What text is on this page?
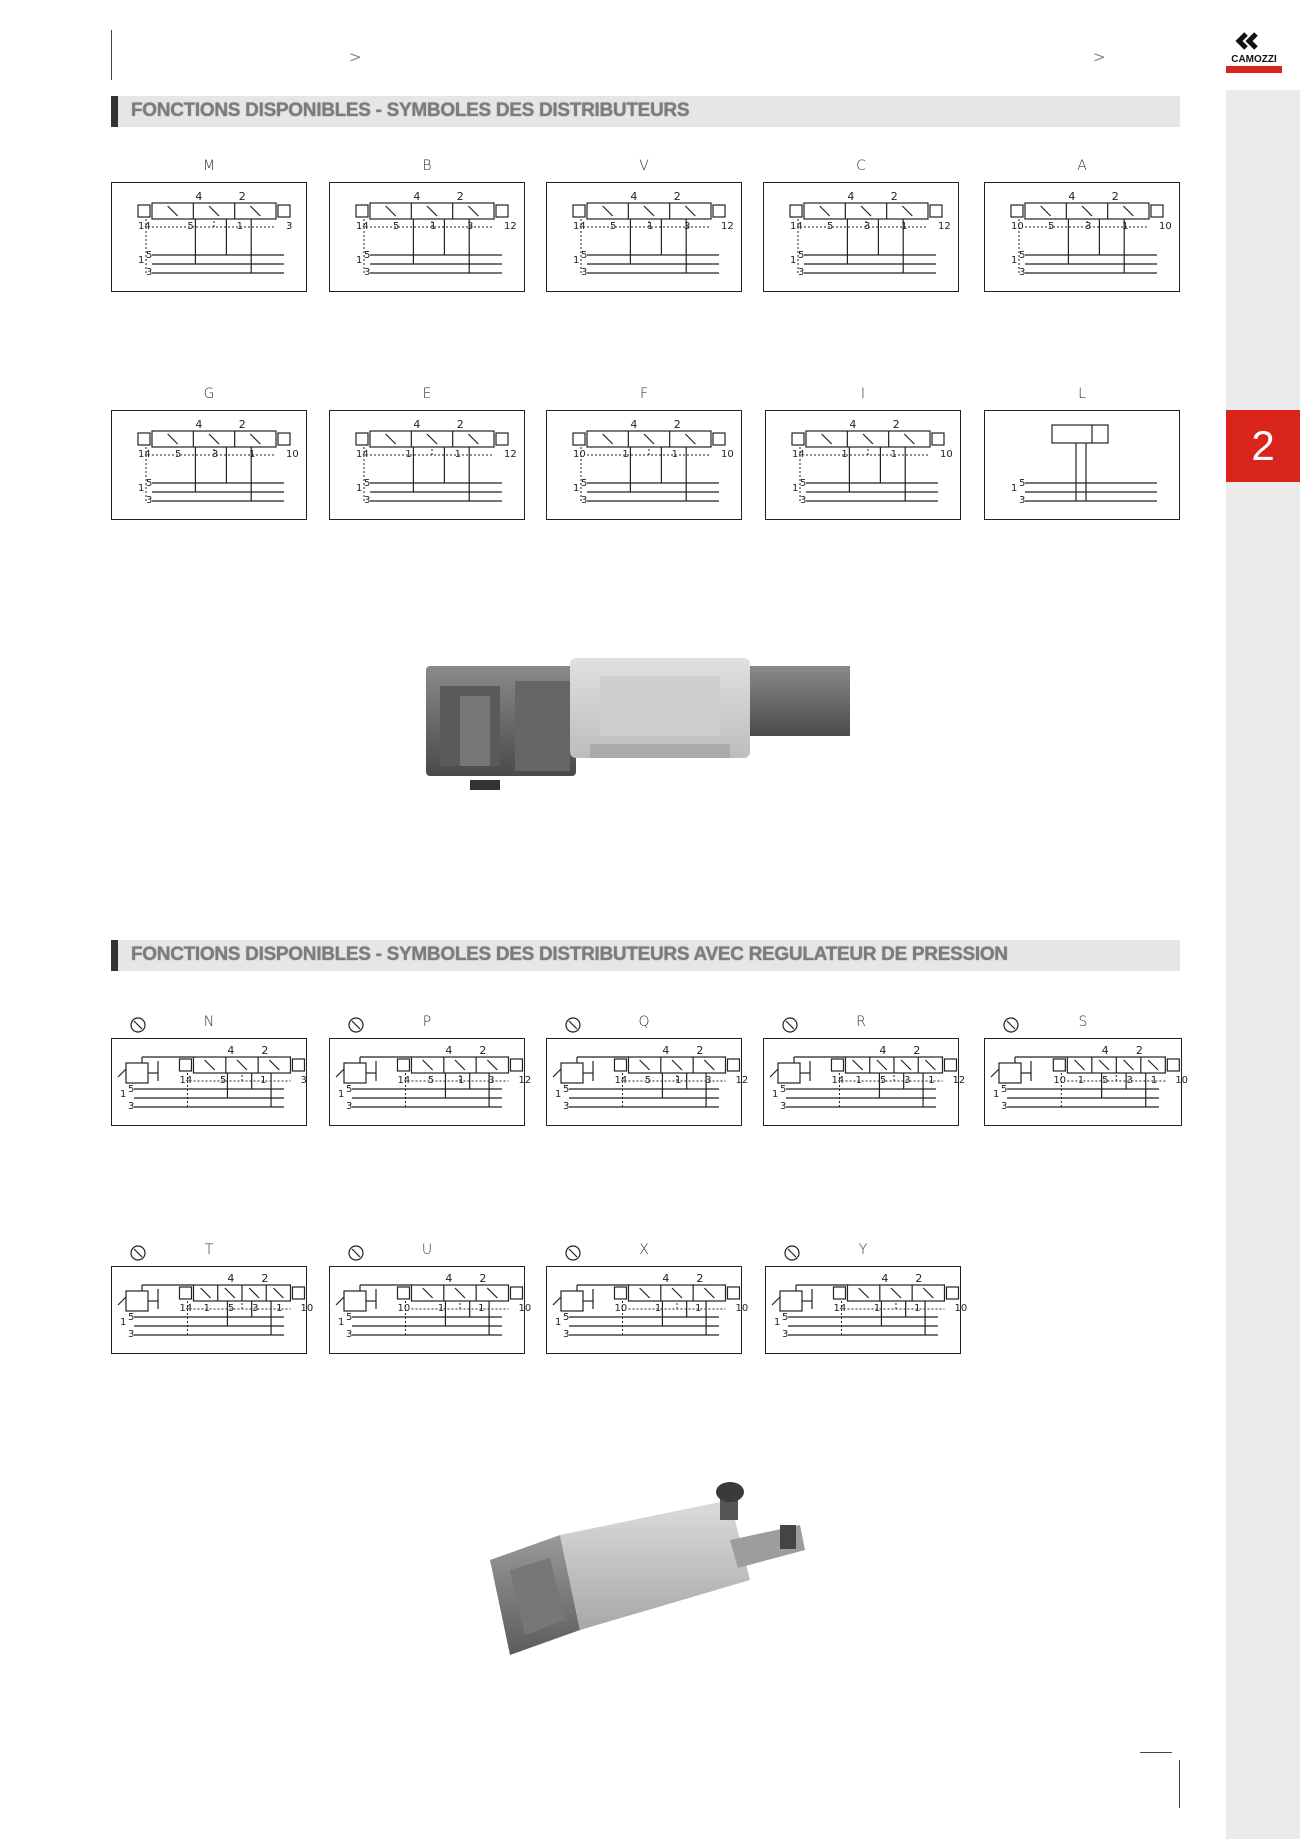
2
CAMOZZI
>	>
FONCTIONS DISPONIBLES - SYMBOLES DES DISTRIBUTEURS
M
1 5
3
4	2
14	5	1	3
B
1 5
3
4	2
14 5	1	3	12
V
1 5
3
4	2
14 5	1	3	12
C
1 5
3
4	2
14 5	3	1	12
A
1 5
3
4	2
10 5	3	1	10
G
1 5
3
4	2
14 5	3	1	10
E
1 5
3
4	2
14	1	1	12
F
1 5
3
4	2
10	1	1	10
I
1 5
3
4	2
14	1	1	10
L
1 5
3
FONCTIONS DISPONIBLES - SYMBOLES DES DISTRIBUTEURS AVEC REGULATEUR DE PRESSION
N
1 5
3
4 2
14	5	1	3
P
1 5
3
4 2
14 5 1 3 12
Q
1 5
3
4 2
14 5 1 3 12
R
1 5
3
4 2
14 1 5 3 1 12
S
1 5
3
4 2
10 1 5 3 1 10
T
1 5
3
4 2
14 1 5 3 1 10
U
1 5
3
4 2
10	1	1	10
X
1 5
3
4 2
10	1	1	10
Y
1 5
3
4 2
14	1	1	10
